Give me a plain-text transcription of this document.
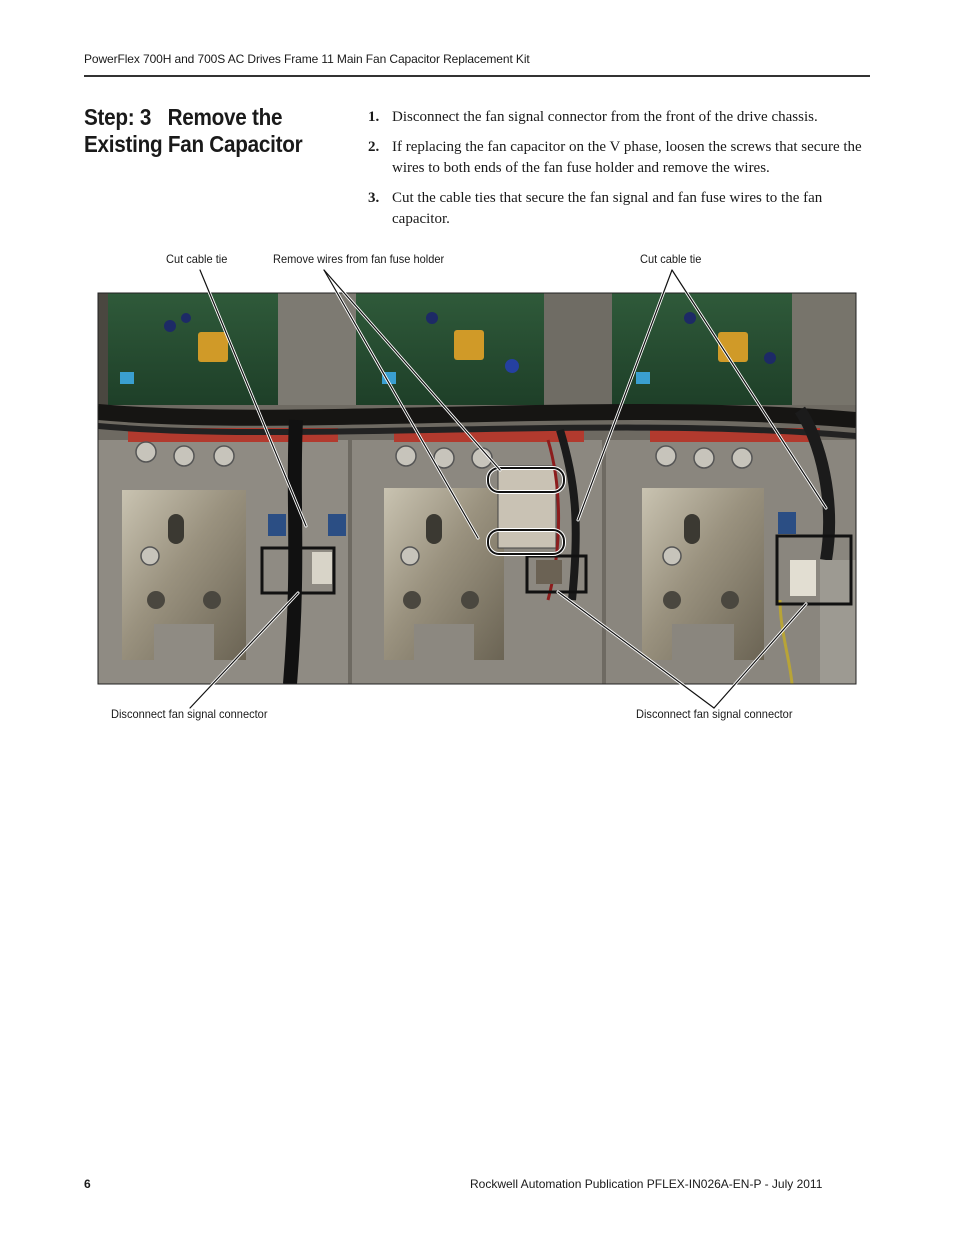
PowerFlex 700H and 700S AC Drives Frame 11 Main Fan Capacitor Replacement Kit
Step: 3   Remove the
Existing Fan Capacitor
1. Disconnect the fan signal connector from the front of the drive chassis.
2. If replacing the fan capacitor on the V phase, loosen the screws that secure the wires to both ends of the fan fuse holder and remove the wires.
3. Cut the cable ties that secure the fan signal and fan fuse wires to the fan capacitor.
Cut cable tie	Remove wires from fan fuse holder	Cut cable tie
Disconnect fan signal connector	Disconnect fan signal connector
6	Rockwell Automation Publication PFLEX-IN026A-EN-P - July 2011
